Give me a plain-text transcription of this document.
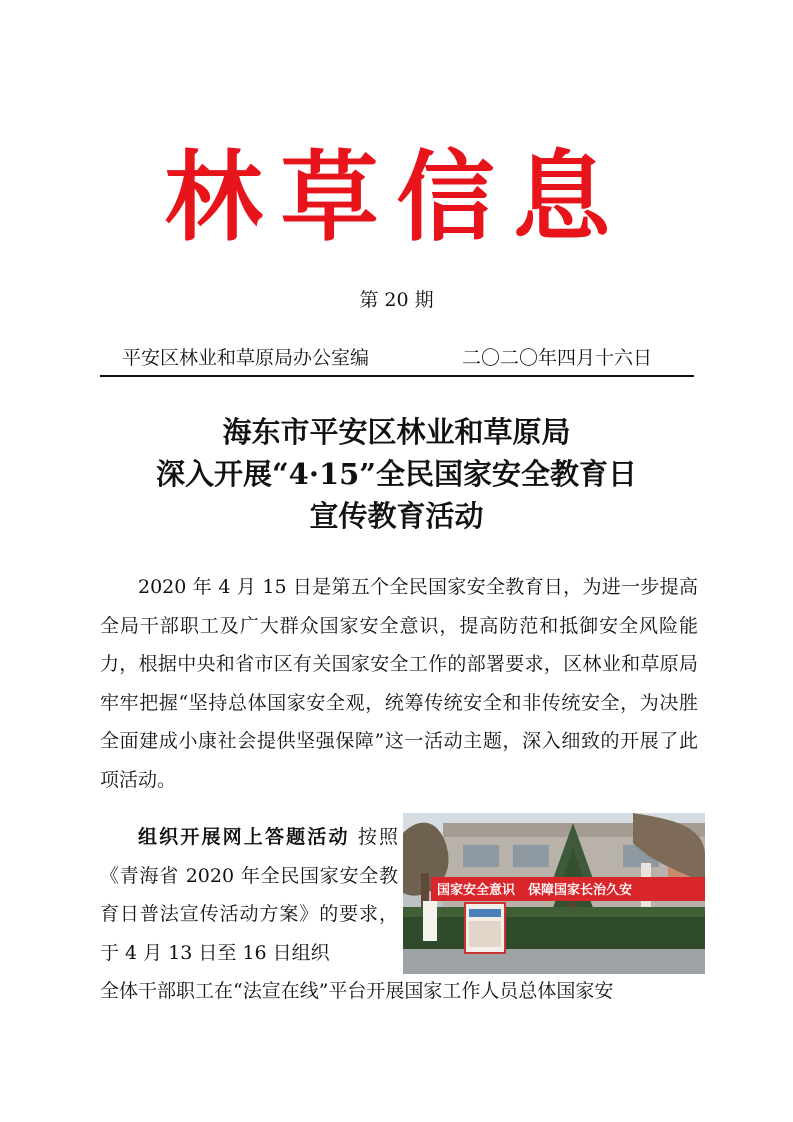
林草信息
第 20 期
平安区林业和草原局办公室编	二〇二〇年四月十六日
海东市平安区林业和草原局
深入开展“4·15”全民国家安全教育日
宣传教育活动
2020 年 4 月 15 日是第五个全民国家安全教育日，为进一步提高全局干部职工及广大群众国家安全意识，提高防范和抵御安全风险能力，根据中央和省市区有关国家安全工作的部署要求，区林业和草原局牢牢把握“坚持总体国家安全观，统筹传统安全和非传统安全，为决胜全面建成小康社会提供坚强保障”这一活动主题，深入细致的开展了此项活动。
组织开展网上答题活动 按照《青海省 2020 年全民国家安全教育日普法宣传活动方案》的要求，于 4 月 13 日至 16 日组织
全体干部职工在“法宣在线”平台开展国家工作人员总体国家安
国家安全意识　保障国家长治久安
